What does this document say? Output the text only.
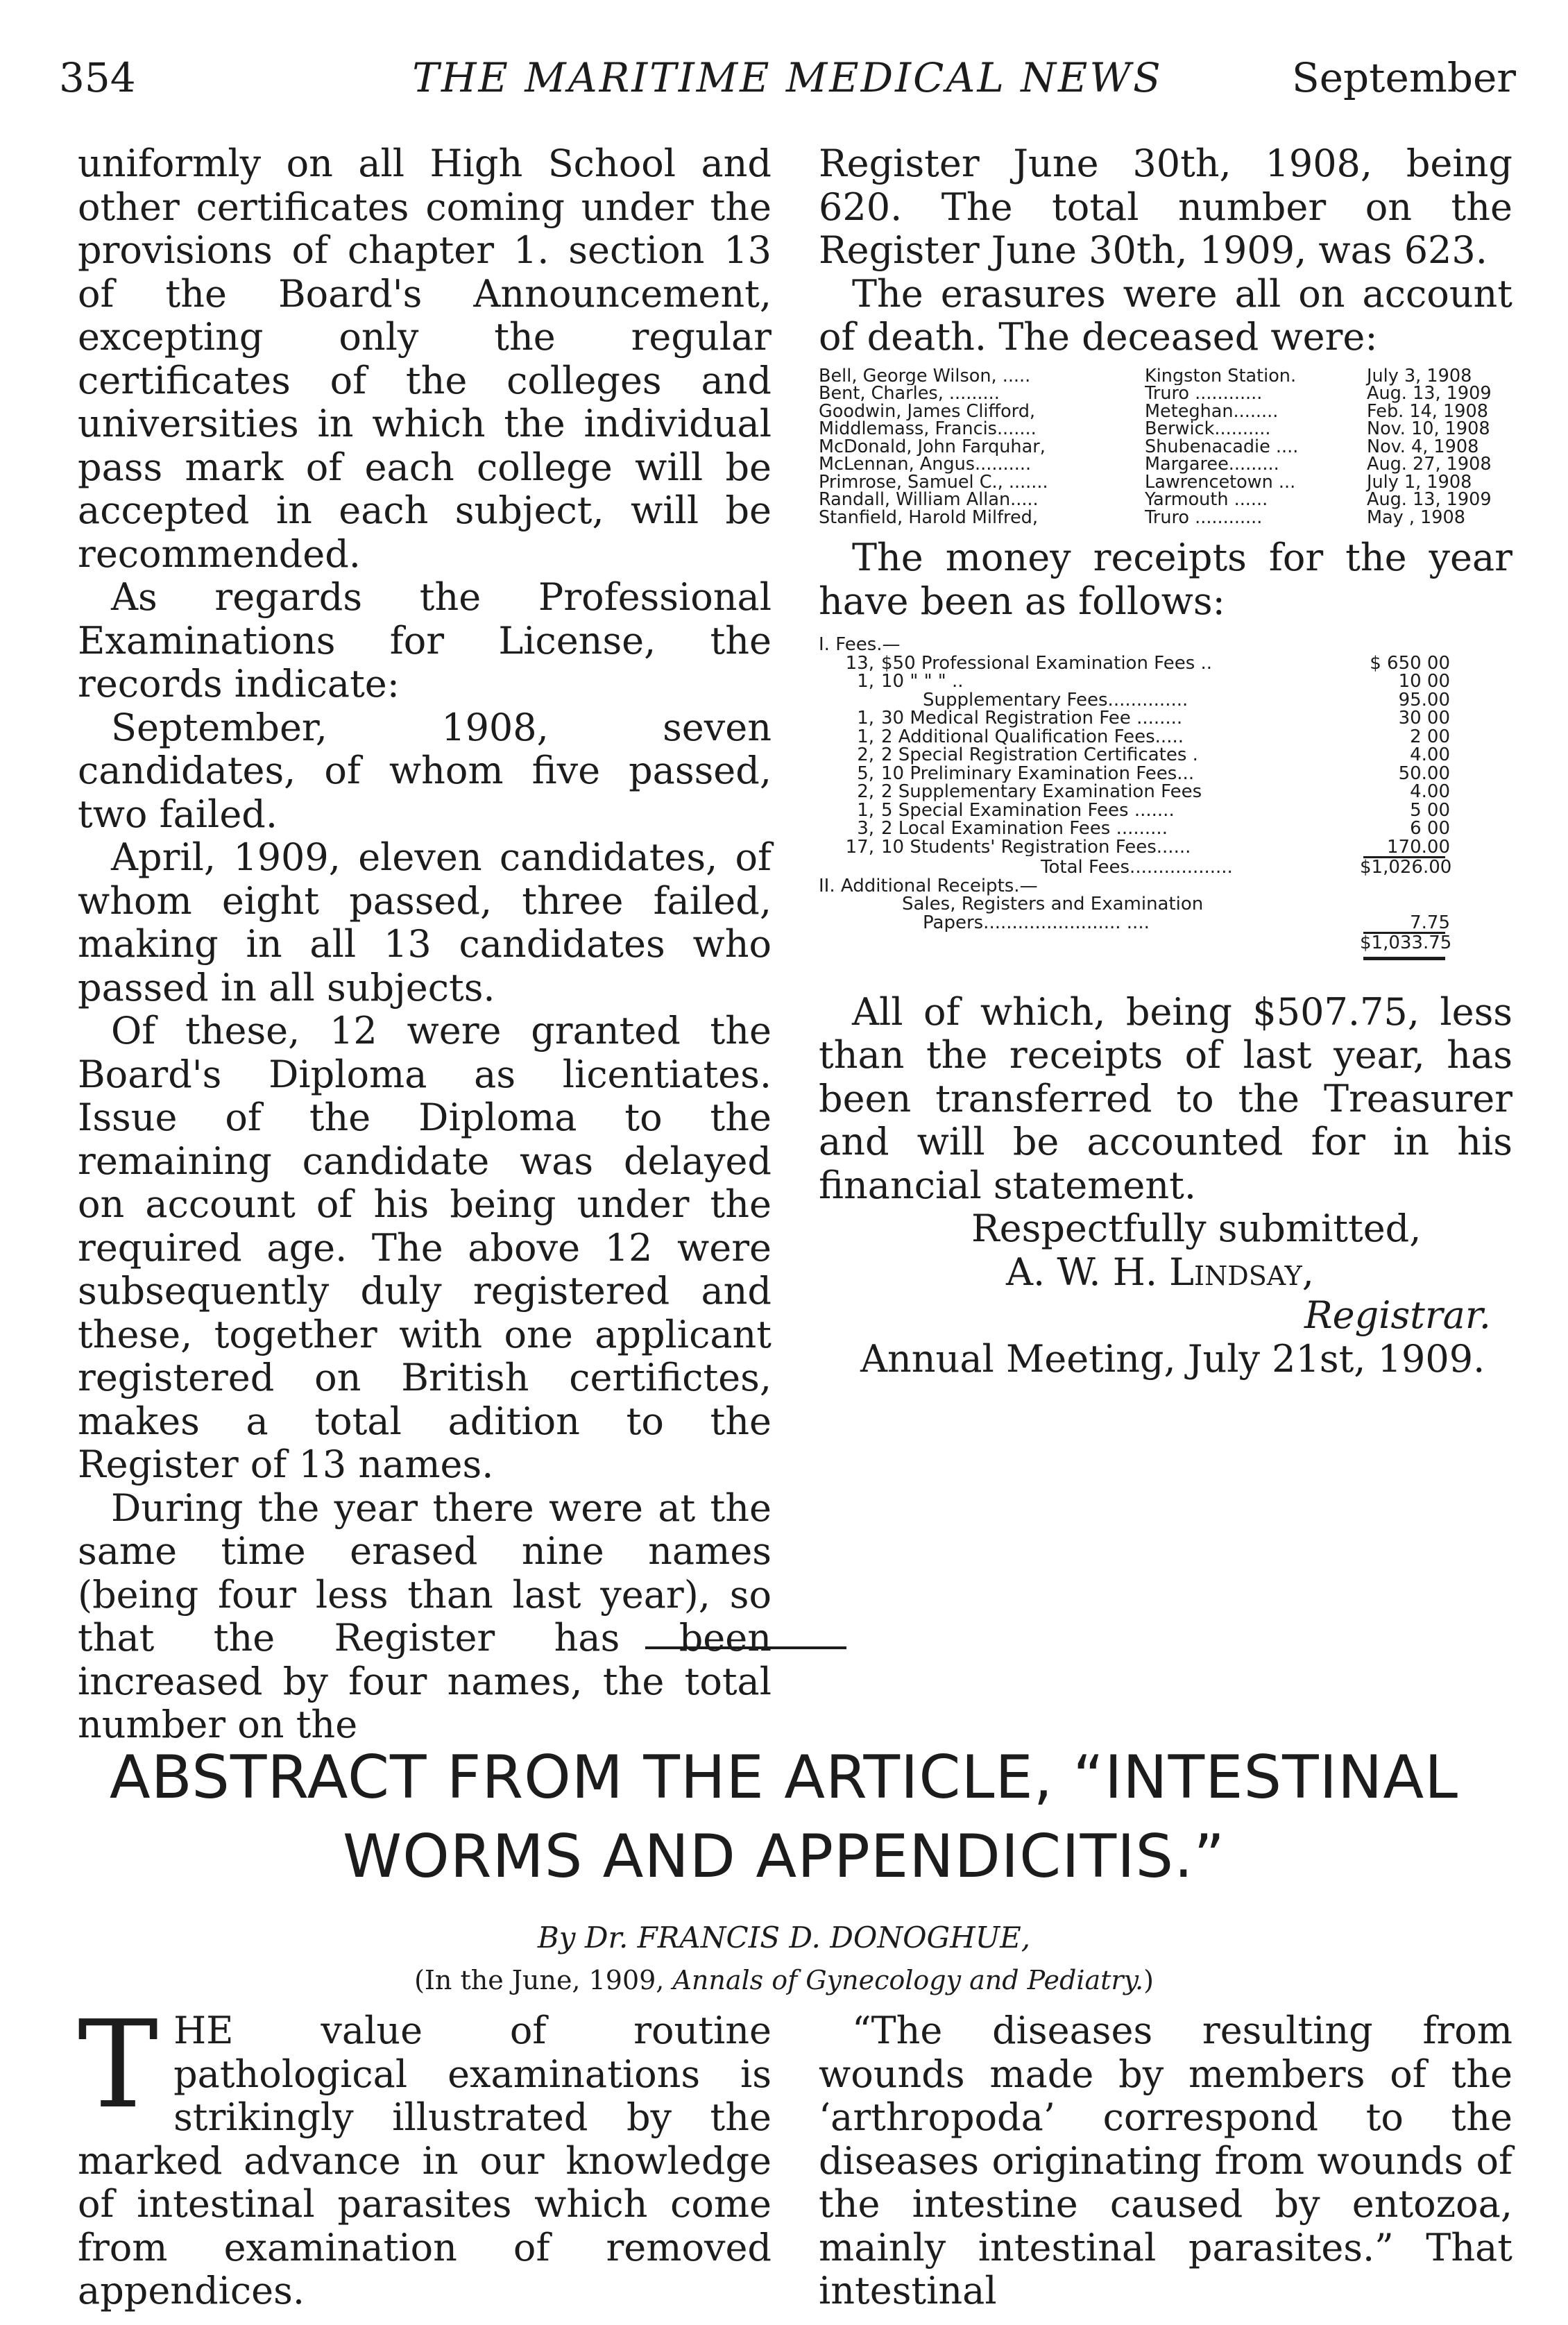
354	THE MARITIME MEDICAL NEWS	September

uniformly on all High School and other certificates coming under the provisions of chapter 1. section 13 of the Board's Announcement, excepting only the regular certificates of the colleges and universities in which the individual pass mark of each college will be accepted in each subject, will be recommended.

As regards the Professional Examinations for License, the records indicate:

September, 1908, seven candidates, of whom five passed, two failed.

April, 1909, eleven candidates, of whom eight passed, three failed, making in all 13 candidates who passed in all subjects.

Of these, 12 were granted the Board's Diploma as licentiates. Issue of the Diploma to the remaining candidate was delayed on account of his being under the required age. The above 12 were subsequently duly registered and these, together with one applicant registered on British certifictes, makes a total adition to the Register of 13 names.

During the year there were at the same time erased nine names (being four less than last year), so that the Register has been increased by four names, the total number on the

Register June 30th, 1908, being 620. The total number on the Register June 30th, 1909, was 623.

The erasures were all on account of death. The deceased were:

Bell, George Wilson, .....	Kingston Station.	July 3, 1908
Bent, Charles, .........	Truro ............	Aug. 13, 1909
Goodwin, James Clifford,	Meteghan........	Feb. 14, 1908
Middlemass, Francis.......	Berwick..........	Nov. 10, 1908
McDonald, John Farquhar,	Shubenacadie ....	Nov. 4, 1908
McLennan, Angus..........	Margaree.........	Aug. 27, 1908
Primrose, Samuel C., .......	Lawrencetown ...	July 1, 1908
Randall, William Allan.....	Yarmouth ......	Aug. 13, 1909
Stanfield, Harold Milfred,	Truro ............	May , 1908

The money receipts for the year have been as follows:

I. Fees.—
13, $50 Professional Examination Fees ..	$ 650 00
1, 10 " " " ..	10 00
Supplementary Fees..............	95.00
1, 30 Medical Registration Fee ........	30 00
1, 2 Additional Qualification Fees.....	2 00
2, 2 Special Registration Certificates .	4.00
5, 10 Preliminary Examination Fees...	50.00
2, 2 Supplementary Examination Fees	4.00
1, 5 Special Examination Fees .......	5 00
3, 2 Local Examination Fees .........	6 00
17, 10 Students' Registration Fees......	170.00
Total Fees..................	$1,026.00
II. Additional Receipts.—
Sales, Registers and Examination
Papers........................ ....	7.75
$1,033.75

All of which, being $507.75, less than the receipts of last year, has been transferred to the Treasurer and will be accounted for in his financial statement.

Respectfully submitted,
A. W. H. Lindsay,
Registrar.
Annual Meeting, July 21st, 1909.
ABSTRACT FROM THE ARTICLE, “INTESTINAL
WORMS AND APPENDICITIS.”
By Dr. FRANCIS D. DONOGHUE,
(In the June, 1909, Annals of Gynecology and Pediatry.)

THE value of routine pathological examinations is strikingly illustrated by the marked advance in our knowledge of intestinal parasites which come from examination of removed appendices.

“The diseases resulting from wounds made by members of the ‘arthropoda’ correspond to the diseases originating from wounds of the intestine caused by entozoa, mainly intestinal parasites.” That intestinal
